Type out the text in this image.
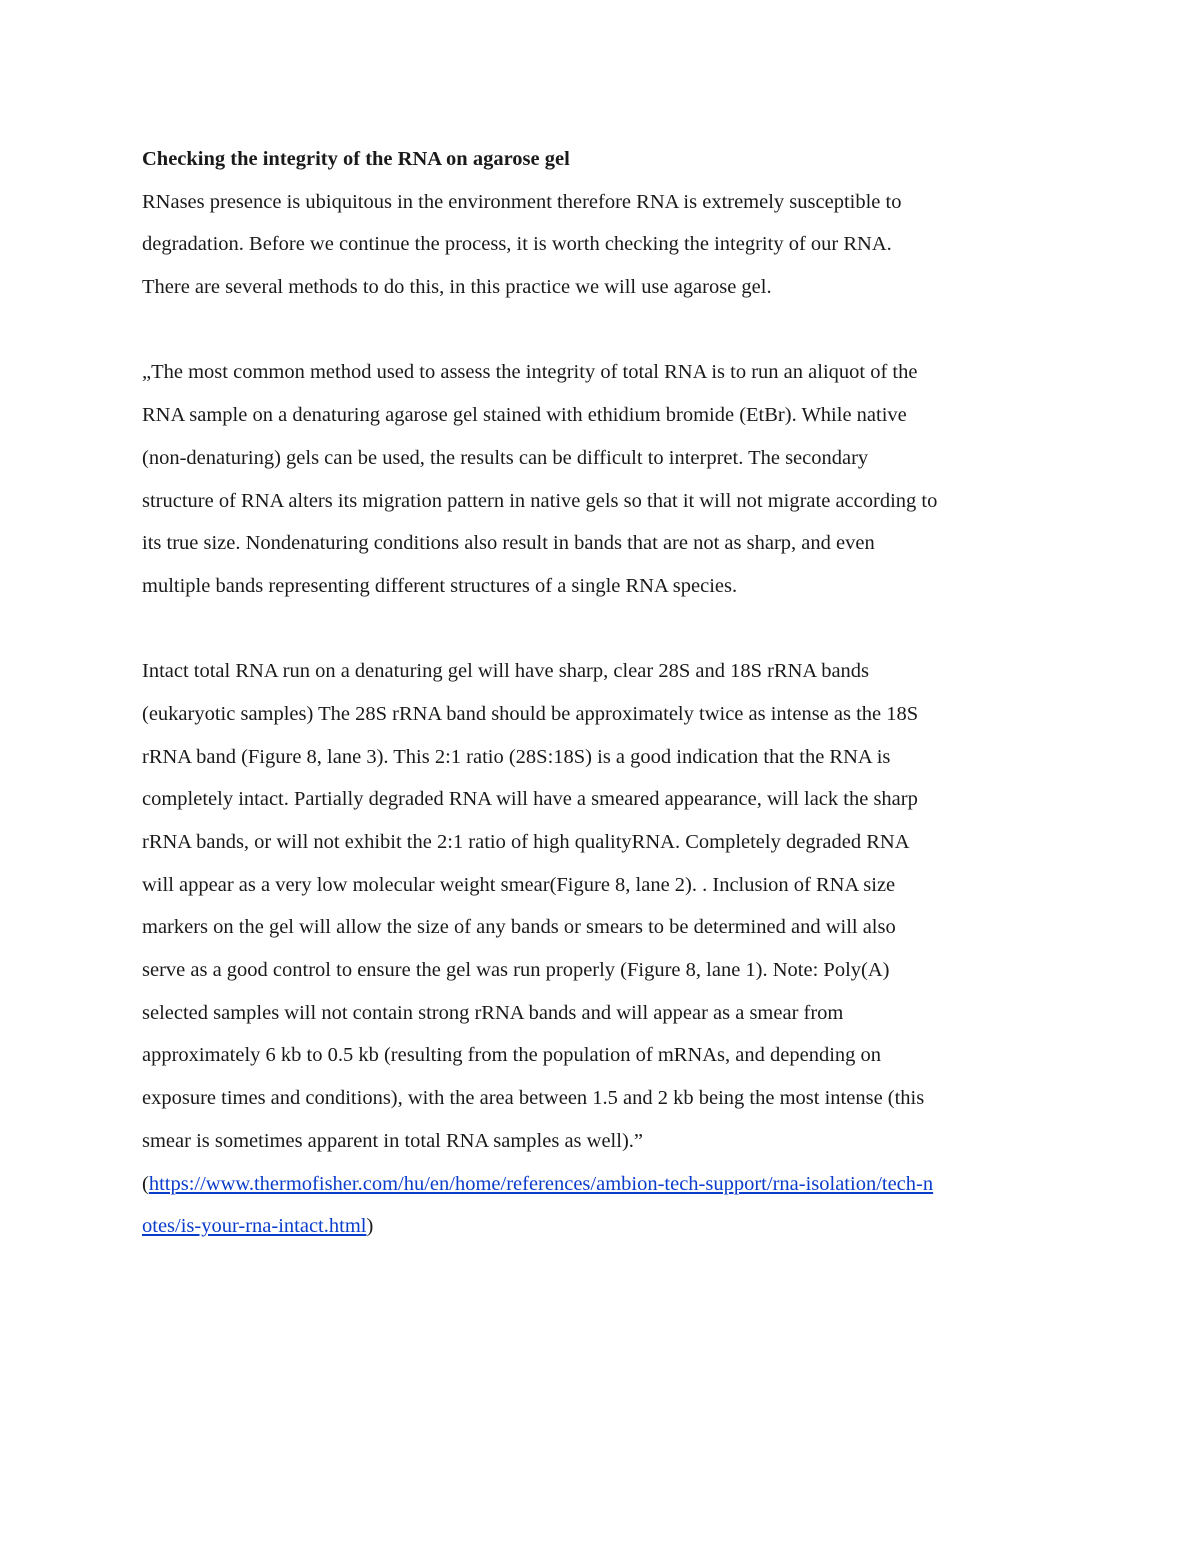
Checking the integrity of the RNA on agarose gel
RNases presence is ubiquitous in the environment therefore RNA is extremely susceptible to
degradation. Before we continue the process, it is worth checking the integrity of our RNA.
There are several methods to do this, in this practice we will use agarose gel.
„The most common method used to assess the integrity of total RNA is to run an aliquot of the
RNA sample on a denaturing agarose gel stained with ethidium bromide (EtBr). While native
(non-denaturing) gels can be used, the results can be difficult to interpret. The secondary
structure of RNA alters its migration pattern in native gels so that it will not migrate according to
its true size. Nondenaturing conditions also result in bands that are not as sharp, and even
multiple bands representing different structures of a single RNA species.
Intact total RNA run on a denaturing gel will have sharp, clear 28S and 18S rRNA bands
(eukaryotic samples) The 28S rRNA band should be approximately twice as intense as the 18S
rRNA band (Figure 8, lane 3). This 2:1 ratio (28S:18S) is a good indication that the RNA is
completely intact. Partially degraded RNA will have a smeared appearance, will lack the sharp
rRNA bands, or will not exhibit the 2:1 ratio of high qualityRNA. Completely degraded RNA
will appear as a very low molecular weight smear(Figure 8, lane 2). . Inclusion of RNA size
markers on the gel will allow the size of any bands or smears to be determined and will also
serve as a good control to ensure the gel was run properly (Figure 8, lane 1). Note: Poly(A)
selected samples will not contain strong rRNA bands and will appear as a smear from
approximately 6 kb to 0.5 kb (resulting from the population of mRNAs, and depending on
exposure times and conditions), with the area between 1.5 and 2 kb being the most intense (this
smear is sometimes apparent in total RNA samples as well).”
(https://www.thermofisher.com/hu/en/home/references/ambion-tech-support/rna-isolation/tech-n
otes/is-your-rna-intact.html)
